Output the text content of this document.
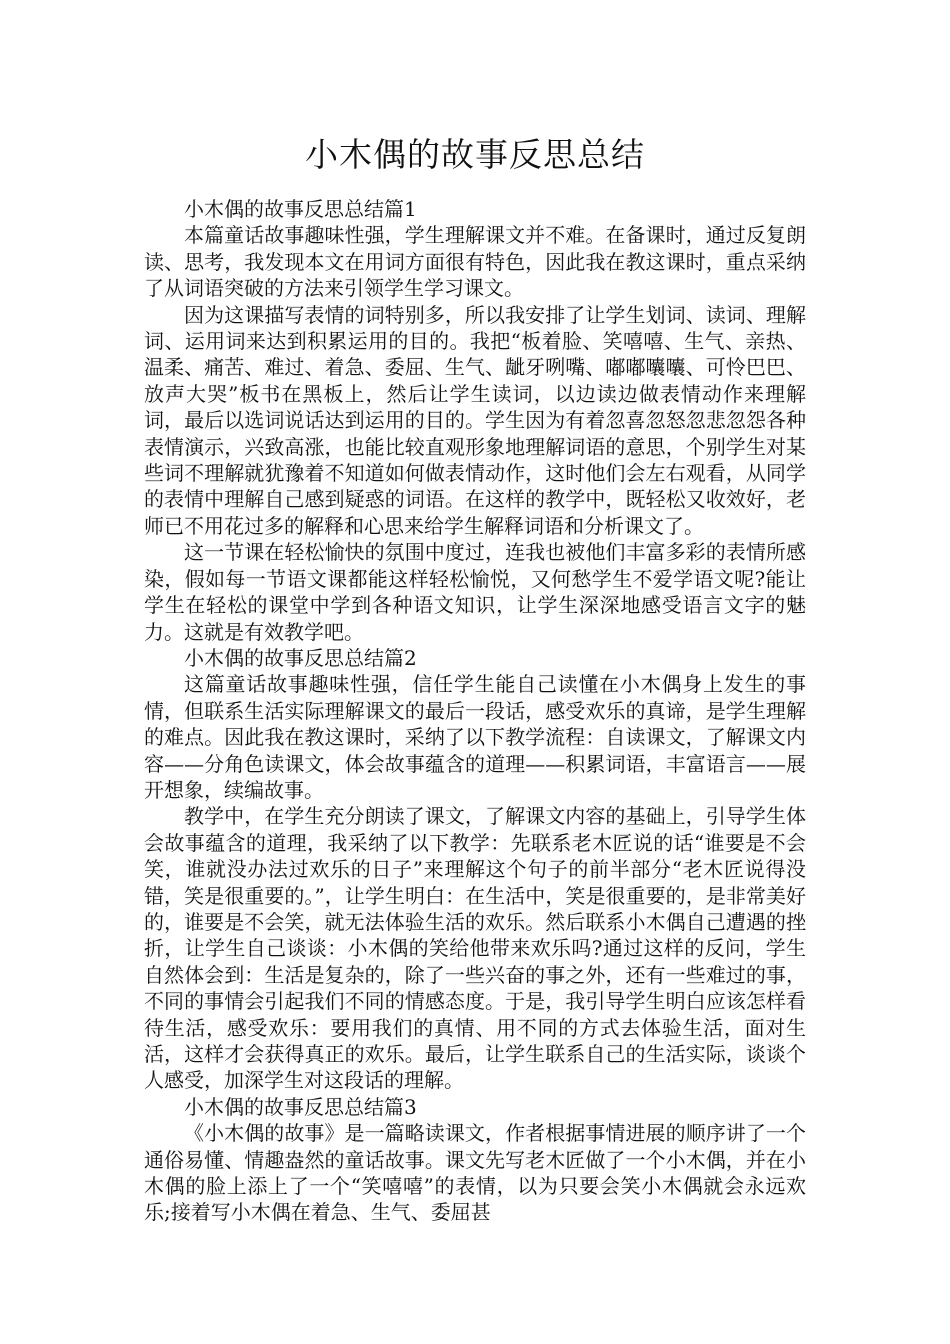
小木偶的故事反思总结

小木偶的故事反思总结篇1

本篇童话故事趣味性强，学生理解课文并不难。在备课时，通过反复朗读、思考，我发现本文在用词方面很有特色，因此我在教这课时，重点采纳了从词语突破的方法来引领学生学习课文。

因为这课描写表情的词特别多，所以我安排了让学生划词、读词、理解词、运用词来达到积累运用的目的。我把“板着脸、笑嘻嘻、生气、亲热、温柔、痛苦、难过、着急、委屈、生气、龇牙咧嘴、嘟嘟囔囔、可怜巴巴、放声大哭”板书在黑板上，然后让学生读词，以边读边做表情动作来理解词，最后以选词说话达到运用的目的。学生因为有着忽喜忽怒忽悲忽怨各种表情演示，兴致高涨，也能比较直观形象地理解词语的意思，个别学生对某些词不理解就犹豫着不知道如何做表情动作，这时他们会左右观看，从同学的表情中理解自己感到疑惑的词语。在这样的教学中，既轻松又收效好，老师已不用花过多的解释和心思来给学生解释词语和分析课文了。

这一节课在轻松愉快的氛围中度过，连我也被他们丰富多彩的表情所感染，假如每一节语文课都能这样轻松愉悦，又何愁学生不爱学语文呢?能让学生在轻松的课堂中学到各种语文知识，让学生深深地感受语言文字的魅力。这就是有效教学吧。

小木偶的故事反思总结篇2

这篇童话故事趣味性强，信任学生能自己读懂在小木偶身上发生的事情，但联系生活实际理解课文的最后一段话，感受欢乐的真谛，是学生理解的难点。因此我在教这课时，采纳了以下教学流程：自读课文，了解课文内容——分角色读课文，体会故事蕴含的道理——积累词语，丰富语言——展开想象，续编故事。

教学中，在学生充分朗读了课文，了解课文内容的基础上，引导学生体会故事蕴含的道理，我采纳了以下教学：先联系老木匠说的话“谁要是不会笑，谁就没办法过欢乐的日子”来理解这个句子的前半部分“老木匠说得没错，笑是很重要的。”，让学生明白：在生活中，笑是很重要的，是非常美好的，谁要是不会笑，就无法体验生活的欢乐。然后联系小木偶自己遭遇的挫折，让学生自己谈谈：小木偶的笑给他带来欢乐吗?通过这样的反问，学生自然体会到：生活是复杂的，除了一些兴奋的事之外，还有一些难过的事，不同的事情会引起我们不同的情感态度。于是，我引导学生明白应该怎样看待生活，感受欢乐：要用我们的真情、用不同的方式去体验生活，面对生活，这样才会获得真正的欢乐。最后，让学生联系自己的生活实际，谈谈个人感受，加深学生对这段话的理解。

小木偶的故事反思总结篇3

《小木偶的故事》是一篇略读课文，作者根据事情进展的顺序讲了一个通俗易懂、情趣盎然的童话故事。课文先写老木匠做了一个小木偶，并在小木偶的脸上添上了一个“笑嘻嘻”的表情，以为只要会笑小木偶就会永远欢乐;接着写小木偶在着急、生气、委屈甚
